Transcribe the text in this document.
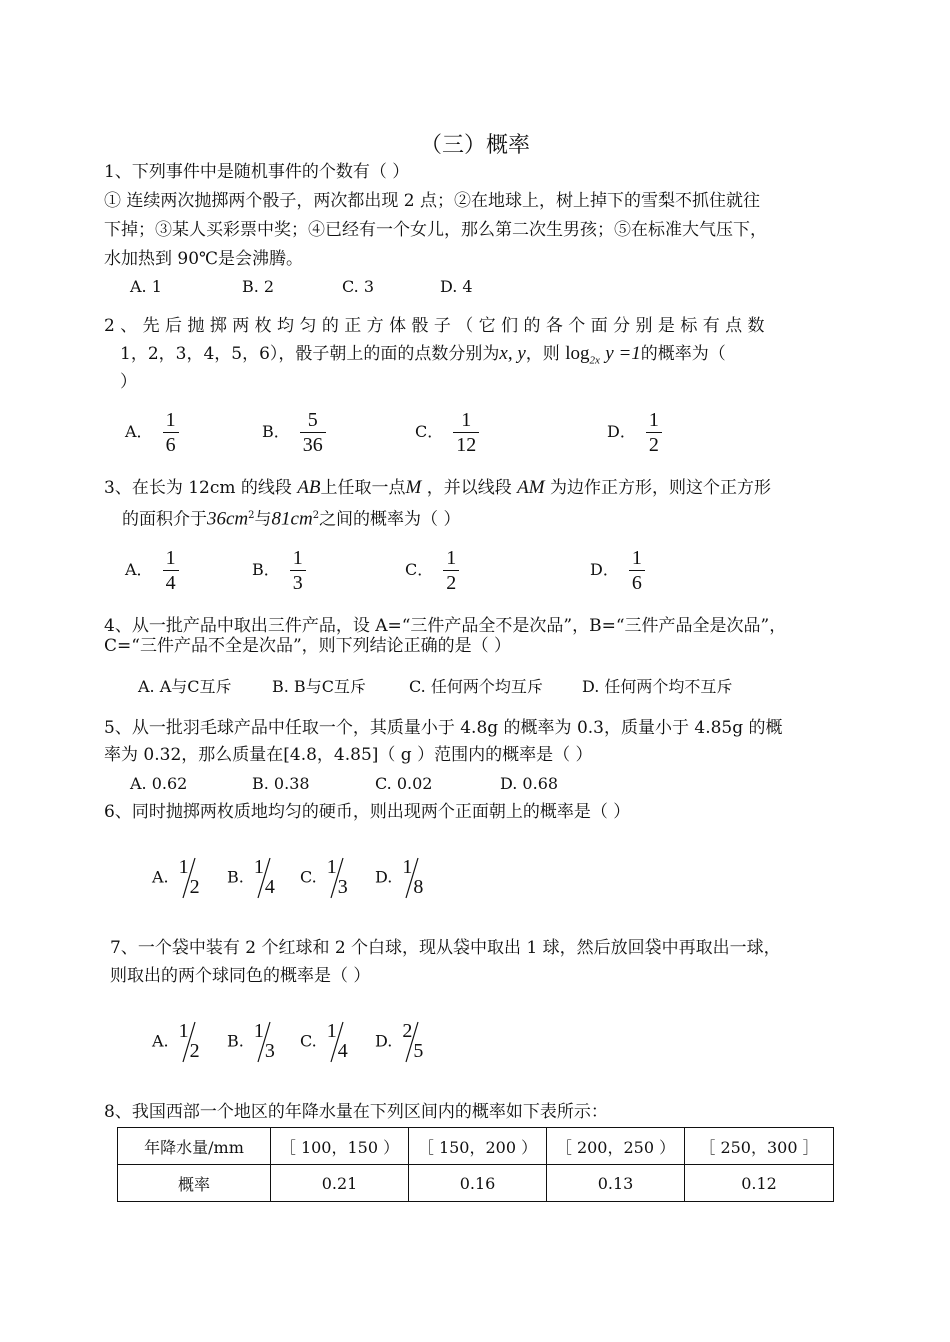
（三）概率
1、下列事件中是随机事件的个数有（ ）
① 连续两次抛掷两个骰子，两次都出现 2 点；②在地球上，树上掉下的雪梨不抓住就往
下掉；③某人买彩票中奖；④已经有一个女儿，那么第二次生男孩；⑤在标准大气压下，
水加热到 90℃是会沸腾。
A. 1	B. 2	C. 3	D. 4
2 、 先 后 抛 掷 两 枚 均 匀 的 正 方 体 骰 子 （ 它 们 的 各 个 面 分 别 是 标 有 点 数
1，2，3，4，5，6），骰子朝上的面的点数分别为x, y，则 $\log_{2x} y =1$的概率为（
）
A． $\frac{1}{6}$	B． $\frac{5}{36}$	C． $\frac{1}{12}$	D． $\frac{1}{2}$
3、在长为 12cm 的线段 AB上任取一点M ，并以线段 AM 为边作正方形，则这个正方形
的面积介于$36cm^2$与$81cm^2$之间的概率为（ ）
A． $\frac{1}{4}$	B． $\frac{1}{3}$	C． $\frac{1}{2}$	D． $\frac{1}{6}$
4、从一批产品中取出三件产品，设 A=“三件产品全不是次品”，B=“三件产品全是次品”，
C=“三件产品不全是次品”，则下列结论正确的是（ ）
A. A与C互斥	B. B与C互斥	C. 任何两个均互斥 D. 任何两个均不互斥
5、从一批羽毛球产品中任取一个，其质量小于 4.8g 的概率为 0.3，质量小于 4.85g 的概
率为 0.32，那么质量在[4.8，4.85]（ g ）范围内的概率是（ ）
A. 0.62	B. 0.38	C. 0.02	D. 0.68
6、同时抛掷两枚质地均匀的硬币，则出现两个正面朝上的概率是（ ）
A. 1
2 B. 1
4 C. 1
3 D. 1
8
7、一个袋中装有 2 个红球和 2 个白球，现从袋中取出 1 球，然后放回袋中再取出一球，
则取出的两个球同色的概率是（ ）
A. 1
2 B. 1
3 C. 1
4 D. 2
5
8、我国西部一个地区的年降水量在下列区间内的概率如下表所示：
年降水量/mm	［ 100，150 ）	［ 150，200 ）	［ 200，250 ）	［ 250，300 ］
概率	0.21	0.16	0.13	0.12
